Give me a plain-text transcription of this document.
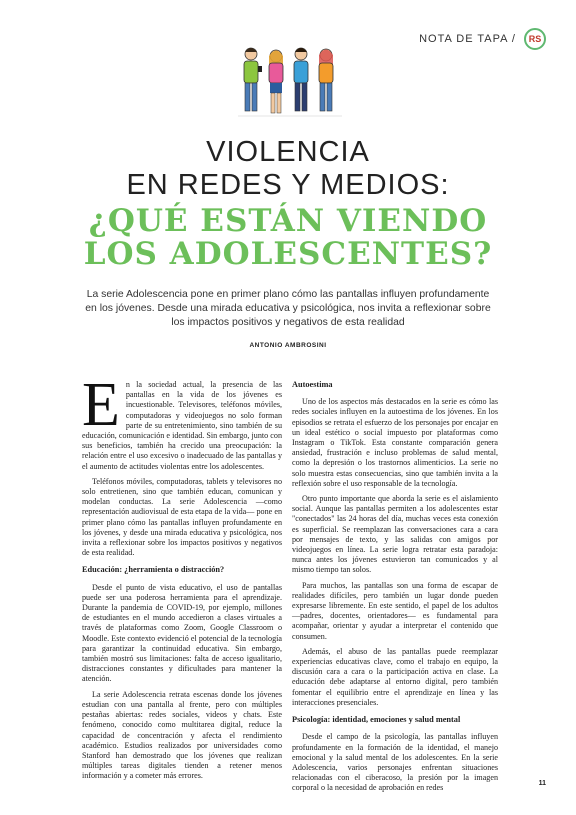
NOTA DE TAPA /	RS
VIOLENCIA
EN REDES Y MEDIOS:
¿QUÉ ESTÁN VIENDO
LOS ADOLESCENTES?
La serie Adolescencia pone en primer plano cómo las pantallas influyen profundamente en los jóvenes. Desde una mirada educativa y psicológica, nos invita a reflexionar sobre los impactos positivos y negativos de esta realidad
ANTONIO AMBROSINI
E n la sociedad actual, la presencia de las pantallas en la vida de los jóvenes es incuestionable. Televisores, teléfonos móviles, computadoras y videojuegos no solo forman parte de su entretenimiento, sino también de su educación, comunicación e identidad. Sin embargo, junto con sus beneficios, también ha crecido una preocupación: la relación entre el uso excesivo o inadecuado de las pantallas y el aumento de actitudes violentas entre los adolescentes.

Teléfonos móviles, computadoras, tablets y televisores no solo entretienen, sino que también educan, comunican y modelan conductas. La serie Adolescencia —como representación audiovisual de esta etapa de la vida— pone en primer plano cómo las pantallas influyen profundamente en los jóvenes, y desde una mirada educativa y psicológica, nos invita a reflexionar sobre los impactos positivos y negativos de esta realidad.

Educación: ¿herramienta o distracción?

Desde el punto de vista educativo, el uso de pantallas puede ser una poderosa herramienta para el aprendizaje. Durante la pandemia de COVID-19, por ejemplo, millones de estudiantes en el mundo accedieron a clases virtuales a través de plataformas como Zoom, Google Classroom o Moodle. Este contexto evidenció el potencial de la tecnología para garantizar la continuidad educativa. Sin embargo, también mostró sus limitaciones: falta de acceso igualitario, distracciones constantes y dificultades para mantener la atención.

La serie Adolescencia retrata escenas donde los jóvenes estudian con una pantalla al frente, pero con múltiples pestañas abiertas: redes sociales, videos y chats. Este fenómeno, conocido como multitarea digital, reduce la capacidad de concentración y afecta el rendimiento académico. Estudios realizados por universidades como Stanford han demostrado que los jóvenes que realizan múltiples tareas digitales tienden a retener menos información y a cometer más errores.

Autoestima

Uno de los aspectos más destacados en la serie es cómo las redes sociales influyen en la autoestima de los jóvenes. En los episodios se retrata el esfuerzo de los personajes por encajar en un ideal estético o social impuesto por plataformas como Instagram o TikTok. Esta constante comparación genera ansiedad, frustración e incluso problemas de salud mental, como la depresión o los trastornos alimenticios. La serie no solo muestra estas consecuencias, sino que también invita a la reflexión sobre el uso responsable de la tecnología.

Otro punto importante que aborda la serie es el aislamiento social. Aunque las pantallas permiten a los adolescentes estar "conectados" las 24 horas del día, muchas veces esta conexión es superficial. Se reemplazan las conversaciones cara a cara por mensajes de texto, y las salidas con amigos por videojuegos en línea. La serie logra retratar esta paradoja: nunca antes los jóvenes estuvieron tan comunicados y al mismo tiempo tan solos.

Para muchos, las pantallas son una forma de escapar de realidades difíciles, pero también un lugar donde pueden expresarse libremente. En este sentido, el papel de los adultos —padres, docentes, orientadores— es fundamental para acompañar, orientar y ayudar a interpretar el contenido que consumen.

Además, el abuso de las pantallas puede reemplazar experiencias educativas clave, como el trabajo en equipo, la discusión cara a cara o la participación activa en clase. La educación debe adaptarse al entorno digital, pero también fomentar el equilibrio entre el aprendizaje en línea y las interacciones presenciales.

Psicología: identidad, emociones y salud mental

Desde el campo de la psicología, las pantallas influyen profundamente en la formación de la identidad, el manejo emocional y la salud mental de los adolescentes. En la serie Adolescencia, varios personajes enfrentan situaciones relacionadas con el ciberacoso, la presión por la imagen corporal o la necesidad de aprobación en redes	11
